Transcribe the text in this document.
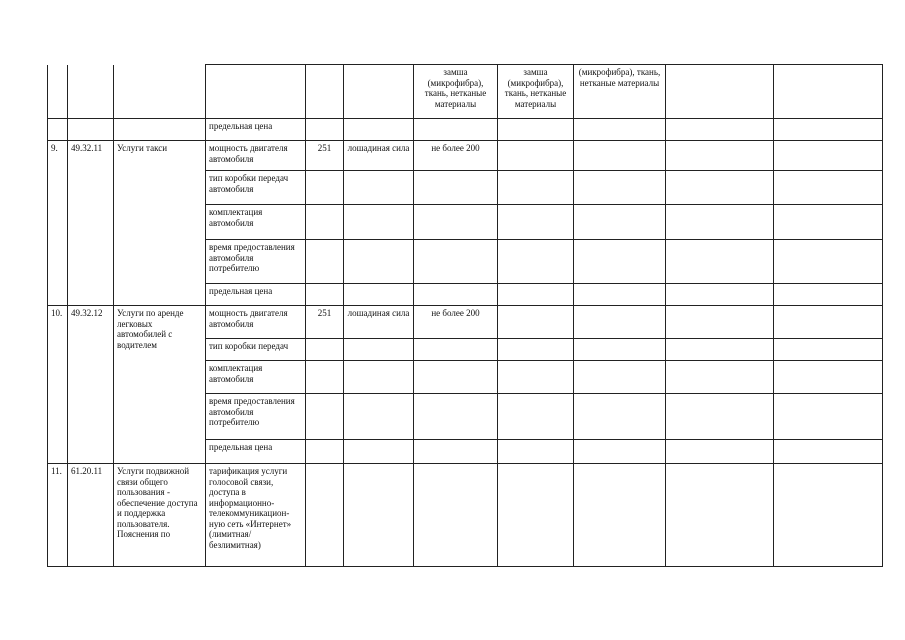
						замша (микрофибра), ткань, нетканые материалы	замша (микрофибра), ткань, нетканые материалы	(микрофибра), ткань, нетканые материалы		
			предельная цена							
9.	49.32.11	Услуги такси	мощность двигателя автомобиля	251	лошадиная сила	не более 200				
			тип коробки передач автомобиля							
			комплектация автомобиля							
			время предоставления автомобиля потребителю							
			предельная цена							
10.	49.32.12	Услуги по аренде легковых автомобилей с водителем	мощность двигателя автомобиля	251	лошадиная сила	не более 200				
			тип коробки передач							
			комплектация автомобиля							
			время предоставления автомобиля потребителю							
			предельная цена							
11.	61.20.11	Услуги подвижной связи общего пользования - обеспечение доступа и поддержка пользователя. Пояснения по	тарификация услуги голосовой связи, доступа в информационно-телекоммуникацион-ную сеть «Интернет» (лимитная/ безлимитная)							
